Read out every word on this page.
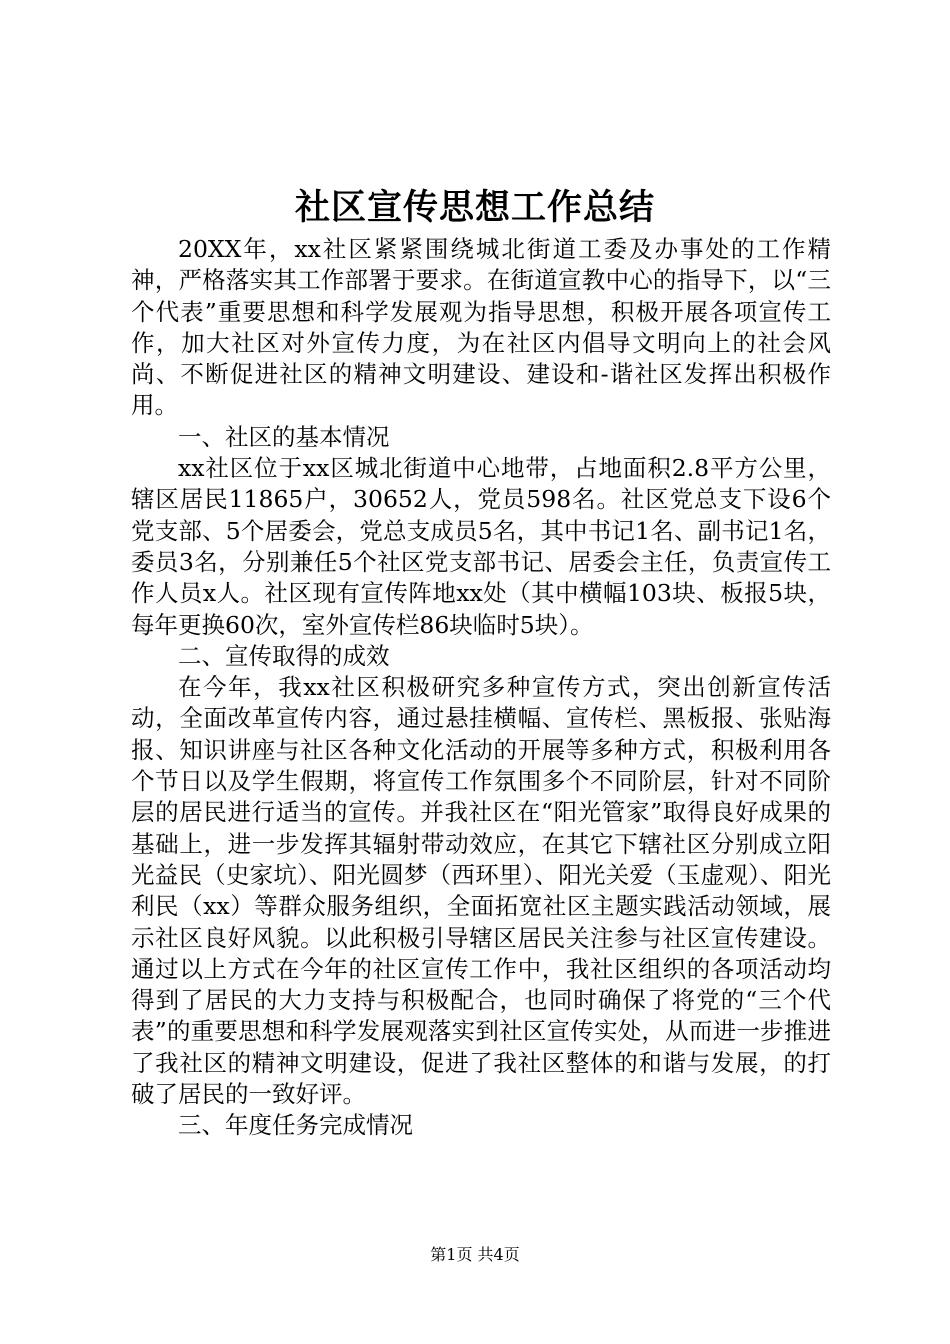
社区宣传思想工作总结

20XX年，xx社区紧紧围绕城北街道工委及办事处的工作精神，严格落实其工作部署于要求。在街道宣教中心的指导下，以“三个代表”重要思想和科学发展观为指导思想，积极开展各项宣传工作，加大社区对外宣传力度，为在社区内倡导文明向上的社会风尚、不断促进社区的精神文明建设、建设和-谐社区发挥出积极作用。

一、社区的基本情况

xx社区位于xx区城北街道中心地带，占地面积2.8平方公里，辖区居民11865户，30652人，党员598名。社区党总支下设6个党支部、5个居委会，党总支成员5名，其中书记1名、副书记1名，委员3名，分别兼任5个社区党支部书记、居委会主任，负责宣传工作人员x人。社区现有宣传阵地xx处（其中横幅103块、板报5块，每年更换60次，室外宣传栏86块临时5块）。

二、宣传取得的成效

在今年，我xx社区积极研究多种宣传方式，突出创新宣传活动，全面改革宣传内容，通过悬挂横幅、宣传栏、黑板报、张贴海报、知识讲座与社区各种文化活动的开展等多种方式，积极利用各个节日以及学生假期，将宣传工作氛围多个不同阶层，针对不同阶层的居民进行适当的宣传。并我社区在“阳光管家”取得良好成果的基础上，进一步发挥其辐射带动效应，在其它下辖社区分别成立阳光益民（史家坑）、阳光圆梦（西环里）、阳光关爱（玉虚观）、阳光利民（xx）等群众服务组织，全面拓宽社区主题实践活动领域，展示社区良好风貌。以此积极引导辖区居民关注参与社区宣传建设。通过以上方式在今年的社区宣传工作中，我社区组织的各项活动均得到了居民的大力支持与积极配合，也同时确保了将党的“三个代表”的重要思想和科学发展观落实到社区宣传实处，从而进一步推进了我社区的精神文明建设，促进了我社区整体的和谐与发展，的打破了居民的一致好评。

三、年度任务完成情况

第1页 共4页
